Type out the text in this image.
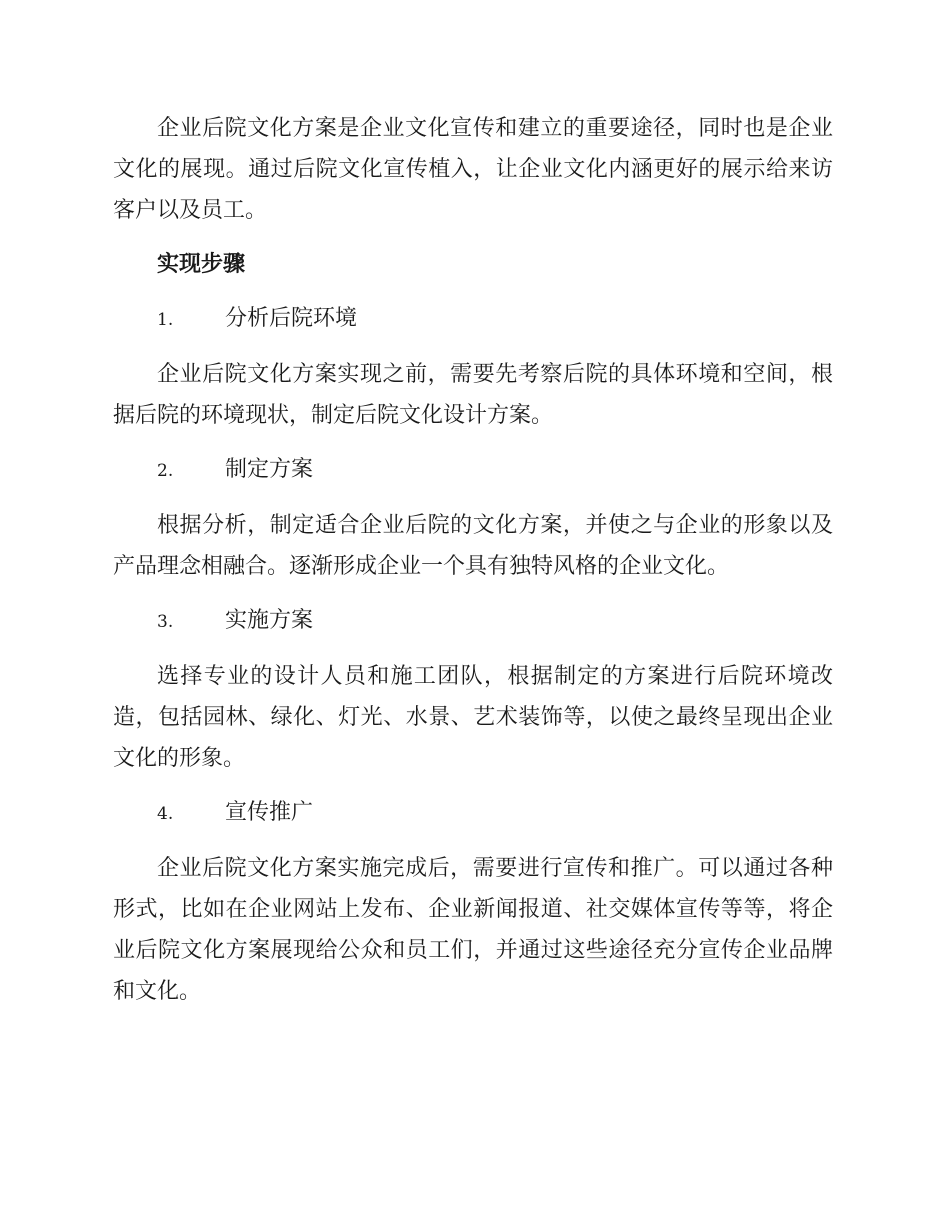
企业后院文化方案是企业文化宣传和建立的重要途径，同时也是企业文化的展现。通过后院文化宣传植入，让企业文化内涵更好的展示给来访客户以及员工。

实现步骤

1.	分析后院环境

企业后院文化方案实现之前，需要先考察后院的具体环境和空间，根据后院的环境现状，制定后院文化设计方案。

2.	制定方案

根据分析，制定适合企业后院的文化方案，并使之与企业的形象以及产品理念相融合。逐渐形成企业一个具有独特风格的企业文化。

3.	实施方案

选择专业的设计人员和施工团队，根据制定的方案进行后院环境改造，包括园林、绿化、灯光、水景、艺术装饰等，以使之最终呈现出企业文化的形象。

4.	宣传推广

企业后院文化方案实施完成后，需要进行宣传和推广。可以通过各种形式，比如在企业网站上发布、企业新闻报道、社交媒体宣传等等，将企业后院文化方案展现给公众和员工们，并通过这些途径充分宣传企业品牌和文化。
